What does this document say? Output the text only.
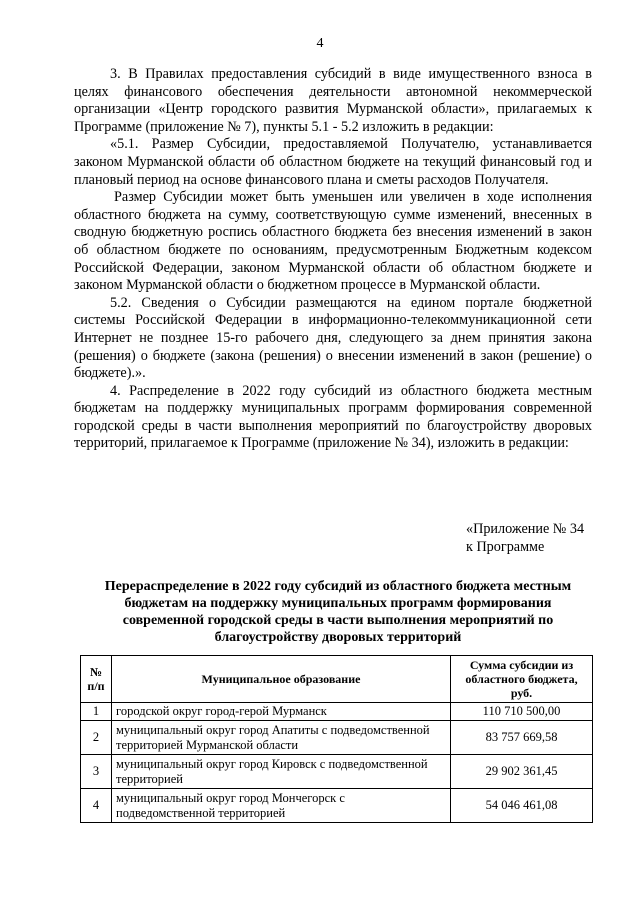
4

3. В Правилах предоставления субсидий в виде имущественного взноса в целях финансового обеспечения деятельности автономной некоммерческой организации «Центр городского развития Мурманской области», прилагаемых к Программе (приложение № 7), пункты 5.1 - 5.2 изложить в редакции:

«5.1. Размер Субсидии, предоставляемой Получателю, устанавливается законом Мурманской области об областном бюджете на текущий финансовый год и плановый период на основе финансового плана и сметы расходов Получателя.

Размер Субсидии может быть уменьшен или увеличен в ходе исполнения областного бюджета на сумму, соответствующую сумме изменений, внесенных в сводную бюджетную роспись областного бюджета без внесения изменений в закон об областном бюджете по основаниям, предусмотренным Бюджетным кодексом Российской Федерации, законом Мурманской области об областном бюджете и законом Мурманской области о бюджетном процессе в Мурманской области.

5.2. Сведения о Субсидии размещаются на едином портале бюджетной системы Российской Федерации в информационно-телекоммуникационной сети Интернет не позднее 15-го рабочего дня, следующего за днем принятия закона (решения) о бюджете (закона (решения) о внесении изменений в закон (решение) о бюджете).».

4. Распределение в 2022 году субсидий из областного бюджета местным бюджетам на поддержку муниципальных программ формирования современной городской среды в части выполнения мероприятий по благоустройству дворовых территорий, прилагаемое к Программе (приложение № 34), изложить в редакции:

«Приложение № 34
к Программе
Перераспределение в 2022 году субсидий из областного бюджета местным бюджетам на поддержку муниципальных программ формирования современной городской среды в части выполнения мероприятий по благоустройству дворовых территорий
№ п/п	Муниципальное образование	Сумма субсидии из областного бюджета, руб.
1	городской округ город-герой Мурманск	110 710 500,00
2	муниципальный округ город Апатиты с подведомственной территорией Мурманской области	83 757 669,58
3	муниципальный округ город Кировск с подведомственной территорией	29 902 361,45
4	муниципальный округ город Мончегорск с подведомственной территорией	54 046 461,08
